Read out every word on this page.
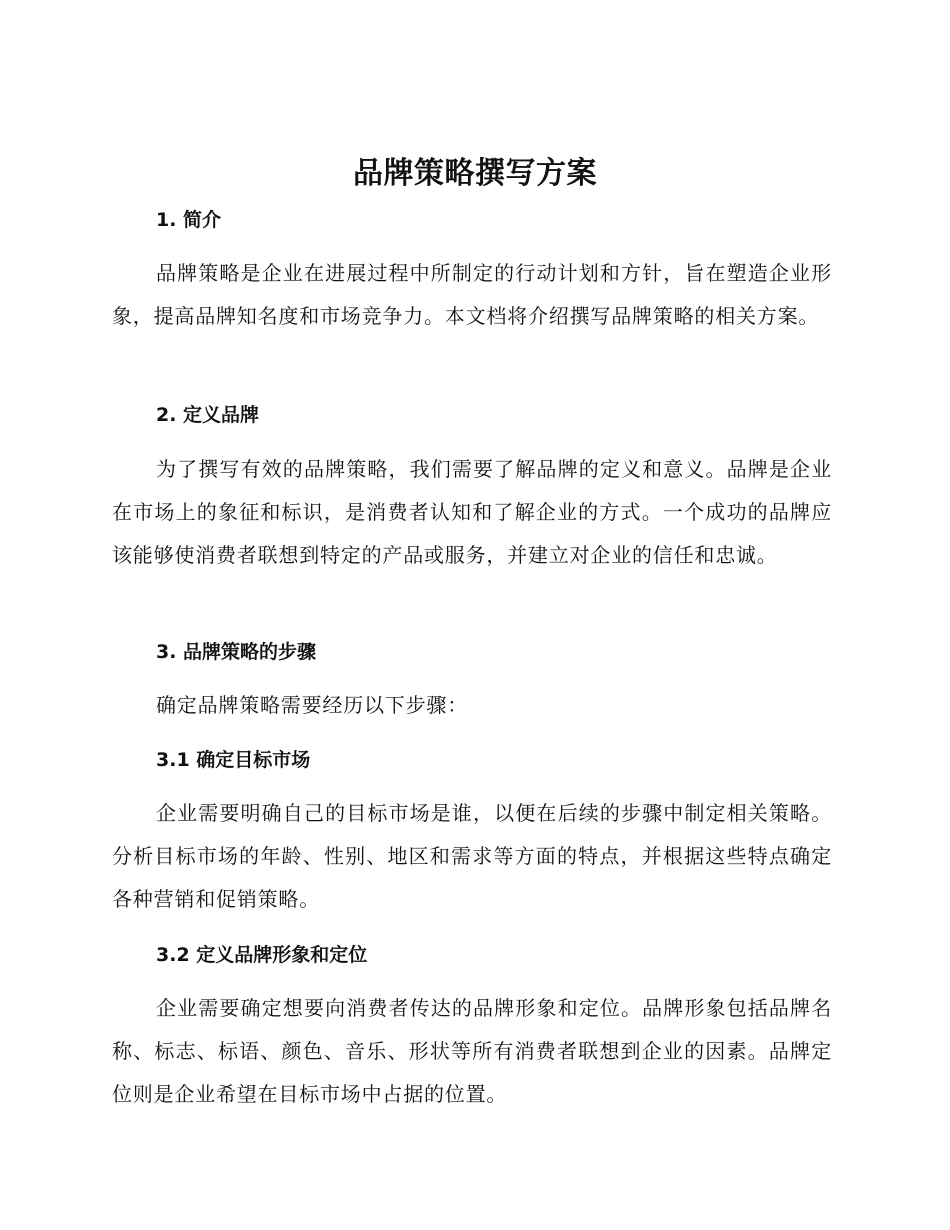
品牌策略撰写方案
1. 简介
品牌策略是企业在进展过程中所制定的行动计划和方针，旨在塑造企业形象，提高品牌知名度和市场竞争力。本文档将介绍撰写品牌策略的相关方案。
2. 定义品牌
为了撰写有效的品牌策略，我们需要了解品牌的定义和意义。品牌是企业在市场上的象征和标识，是消费者认知和了解企业的方式。一个成功的品牌应该能够使消费者联想到特定的产品或服务，并建立对企业的信任和忠诚。
3. 品牌策略的步骤
确定品牌策略需要经历以下步骤：
3.1 确定目标市场
企业需要明确自己的目标市场是谁，以便在后续的步骤中制定相关策略。分析目标市场的年龄、性别、地区和需求等方面的特点，并根据这些特点确定各种营销和促销策略。
3.2 定义品牌形象和定位
企业需要确定想要向消费者传达的品牌形象和定位。品牌形象包括品牌名称、标志、标语、颜色、音乐、形状等所有消费者联想到企业的因素。品牌定位则是企业希望在目标市场中占据的位置。
